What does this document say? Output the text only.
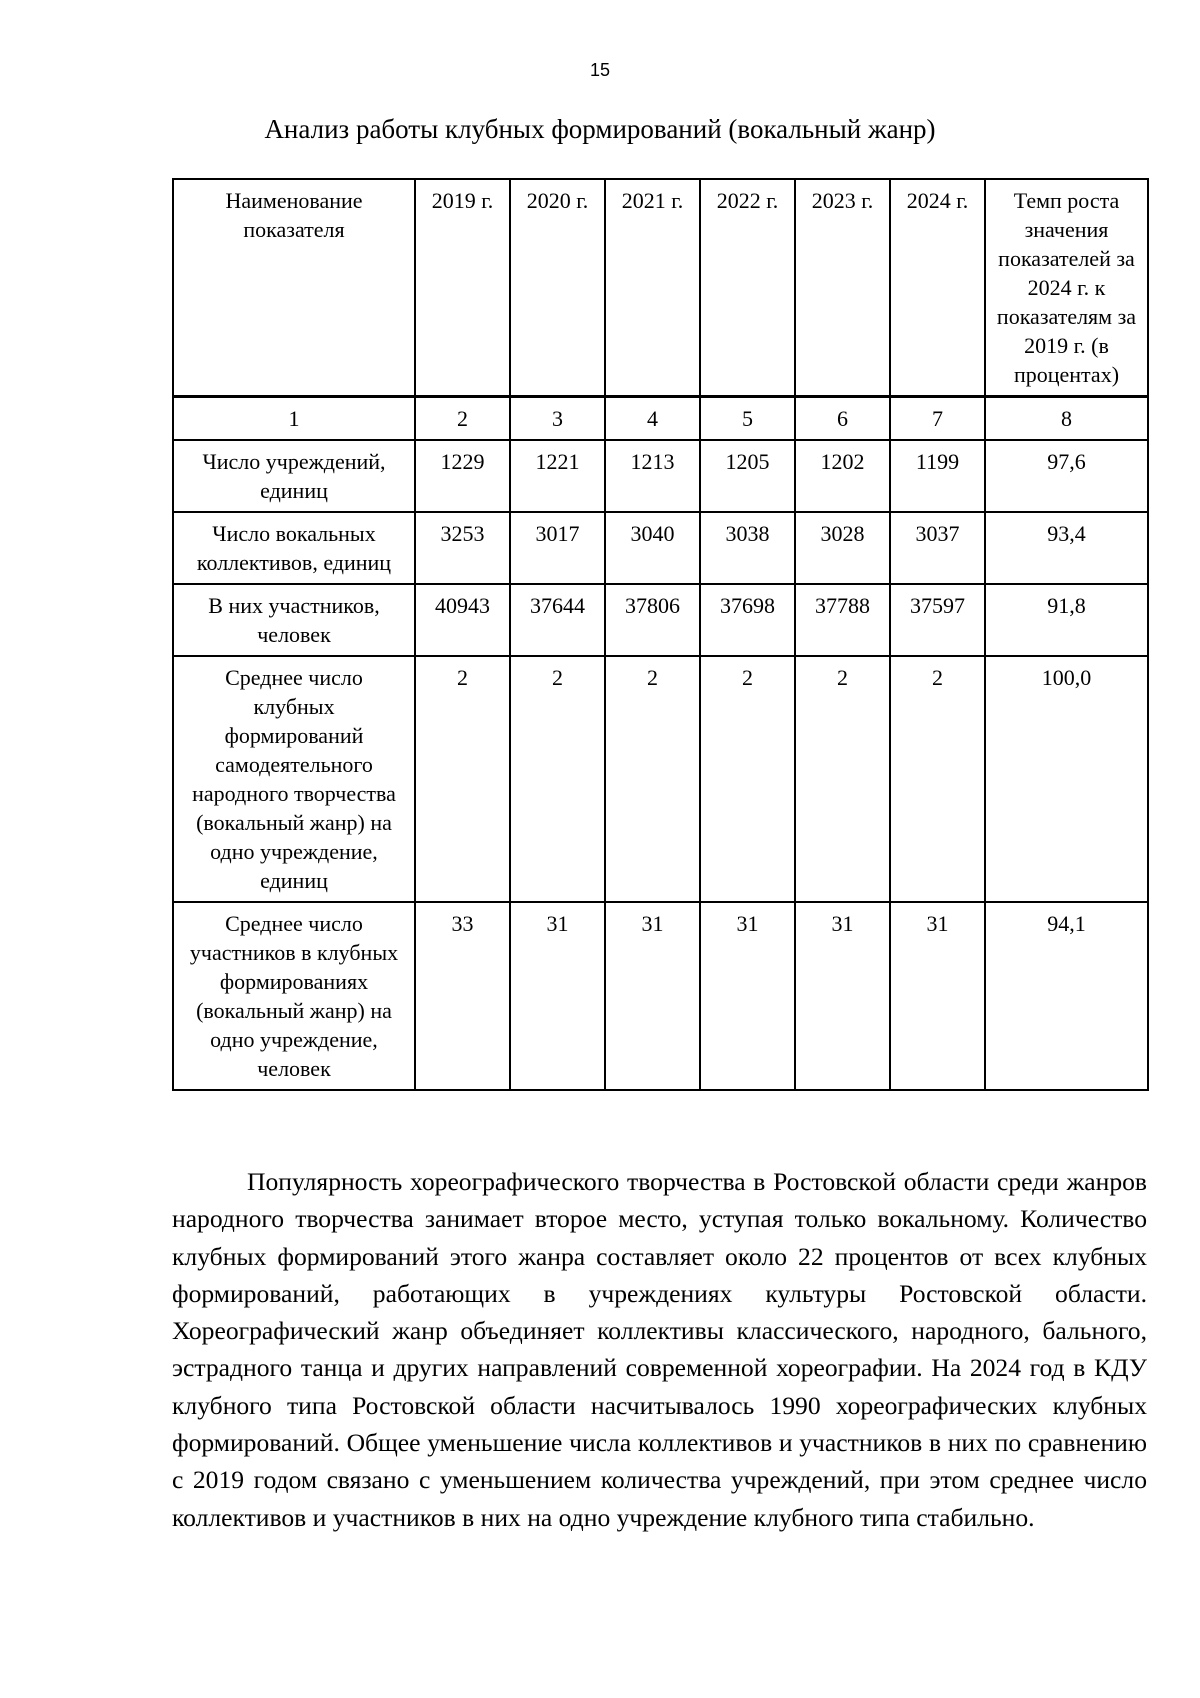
15
Анализ работы клубных формирований (вокальный жанр)
Наименование показателя	2019 г.	2020 г.	2021 г.	2022 г.	2023 г.	2024 г.	Темп роста значения показателей за 2024 г. к показателям за 2019 г. (в процентах)
1	2	3	4	5	6	7	8
Число учреждений, единиц	1229	1221	1213	1205	1202	1199	97,6
Число вокальных коллективов, единиц	3253	3017	3040	3038	3028	3037	93,4
В них участников, человек	40943	37644	37806	37698	37788	37597	91,8
Среднее число клубных формирований самодеятельного народного творчества (вокальный жанр) на одно учреждение, единиц	2	2	2	2	2	2	100,0
Среднее число участников в клубных формированиях (вокальный жанр) на одно учреждение, человек	33	31	31	31	31	31	94,1

Популярность хореографического творчества в Ростовской области среди жанров народного творчества занимает второе место, уступая только вокальному. Количество клубных формирований этого жанра составляет около 22 процентов от всех клубных формирований, работающих в учреждениях культуры Ростовской области. Хореографический жанр объединяет коллективы классического, народного, бального, эстрадного танца и других направлений современной хореографии. На 2024 год в КДУ клубного типа Ростовской области насчитывалось 1990 хореографических клубных формирований. Общее уменьшение числа коллективов и участников в них по сравнению с 2019 годом связано с уменьшением количества учреждений, при этом среднее число коллективов и участников в них на одно учреждение клубного типа стабильно.
